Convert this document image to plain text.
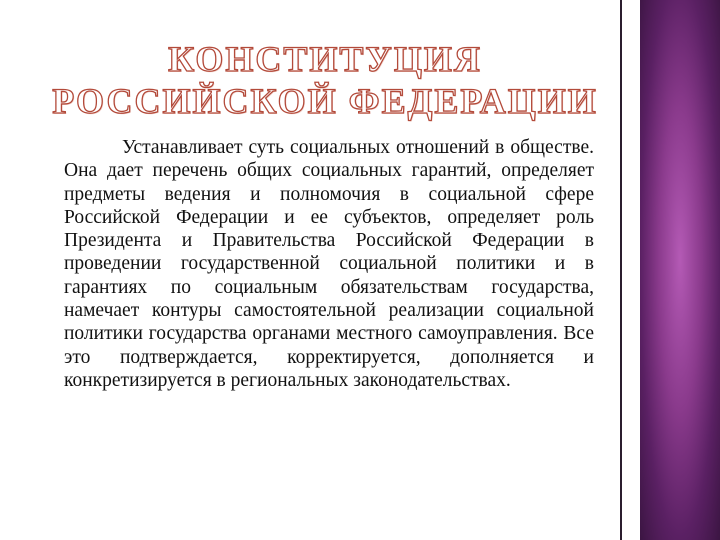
КОНСТИТУЦИЯ РОССИЙСКОЙ ФЕДЕРАЦИИ

Устанавливает суть социальных отношений в обществе. Она дает перечень общих социальных гарантий, определяет предметы ведения и полномочия в социальной сфере Российской Федерации и ее субъектов, определяет роль Президента и Правительства Российской Федерации в проведении государственной социальной политики и в гарантиях по социальным обязательствам государства, намечает контуры самостоятельной реализации социальной политики государства органами местного самоуправления. Все это подтверждается, корректируется, дополняется и конкретизируется в региональных законодательствах.
